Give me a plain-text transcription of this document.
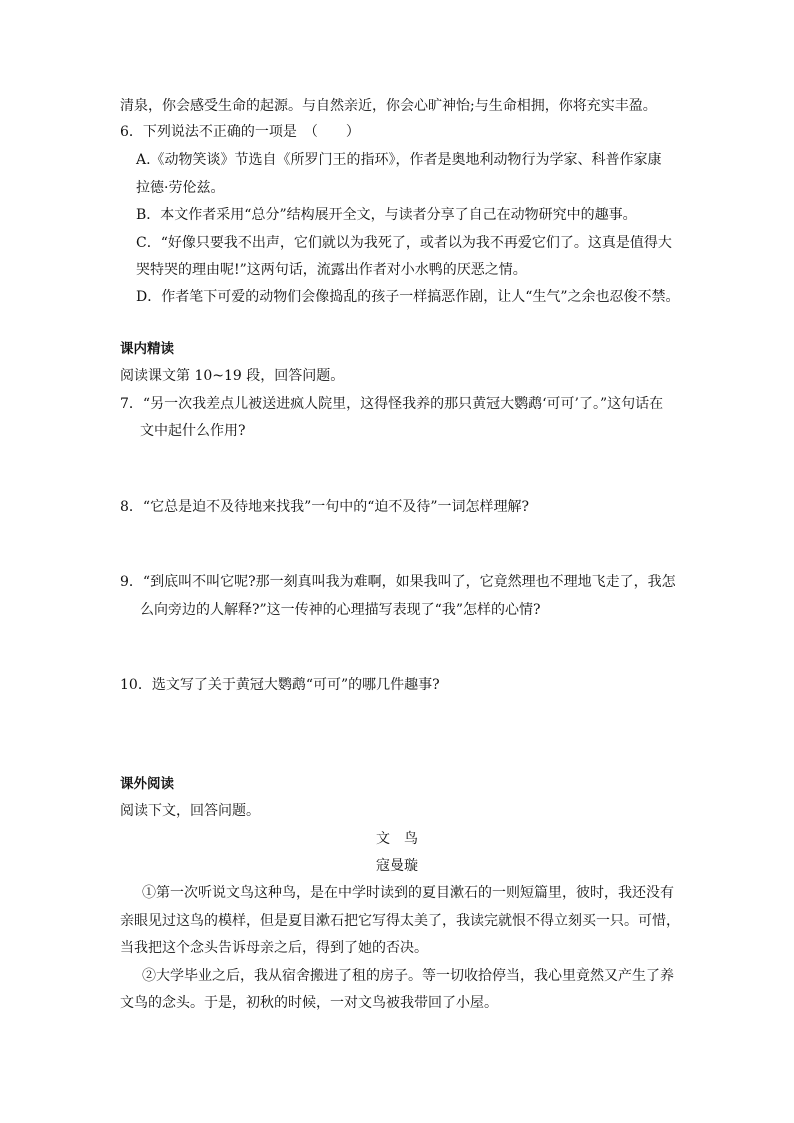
清泉，你会感受生命的起源。与自然亲近，你会心旷神怡;与生命相拥，你将充实丰盈。
6．下列说法不正确的一项是　（　　）
A.《动物笑谈》节选自《所罗门王的指环》，作者是奥地利动物行为学家、科普作家康
拉德·劳伦兹。
B．本文作者采用“总分”结构展开全文，与读者分享了自己在动物研究中的趣事。
C．“好像只要我不出声，它们就以为我死了，或者以为我不再爱它们了。这真是值得大
哭特哭的理由呢!”这两句话，流露出作者对小水鸭的厌恶之情。
D．作者笔下可爱的动物们会像捣乱的孩子一样搞恶作剧，让人“生气”之余也忍俊不禁。
课内精读
阅读课文第 10~19 段，回答问题。
7．“另一次我差点儿被送进疯人院里，这得怪我养的那只黄冠大鹦鹉‘可可’了。”这句话在
文中起什么作用?
8．“它总是迫不及待地来找我”一句中的“迫不及待”一词怎样理解?
9．“到底叫不叫它呢?那一刻真叫我为难啊，如果我叫了，它竟然理也不理地飞走了，我怎
么向旁边的人解释?”这一传神的心理描写表现了“我”怎样的心情?
10．选文写了关于黄冠大鹦鹉“可可”的哪几件趣事?
课外阅读
阅读下文，回答问题。
文　鸟
寇曼璇
①第一次听说文鸟这种鸟，是在中学时读到的夏目漱石的一则短篇里，彼时，我还没有
亲眼见过这鸟的模样，但是夏目漱石把它写得太美了，我读完就恨不得立刻买一只。可惜，
当我把这个念头告诉母亲之后，得到了她的否决。
②大学毕业之后，我从宿舍搬进了租的房子。等一切收拾停当，我心里竟然又产生了养
文鸟的念头。于是，初秋的时候，一对文鸟被我带回了小屋。
